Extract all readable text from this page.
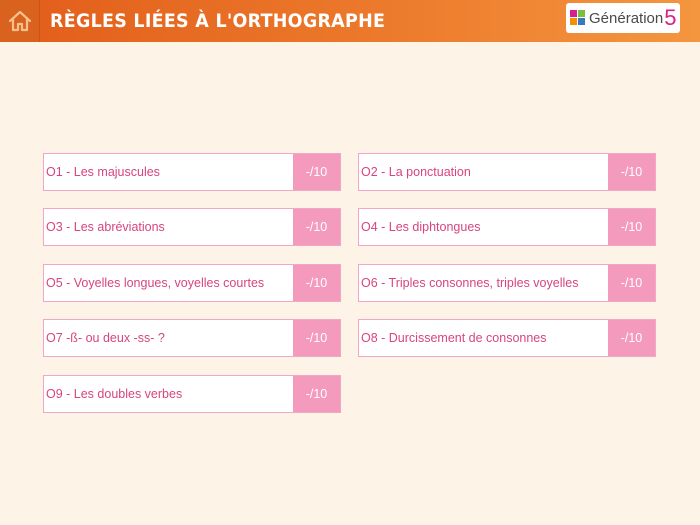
RÈGLES LIÉES À L'ORTHOGRAPHE	Génération 5
O1 - Les majuscules	-/10	O2 - La ponctuation	-/10
O3 - Les abréviations	-/10	O4 - Les diphtongues	-/10
O5 - Voyelles longues, voyelles courtes	-/10	O6 - Triples consonnes, triples voyelles	-/10
O7 -ß- ou deux -ss- ?	-/10	O8 - Durcissement de consonnes	-/10
O9 - Les doubles verbes	-/10
